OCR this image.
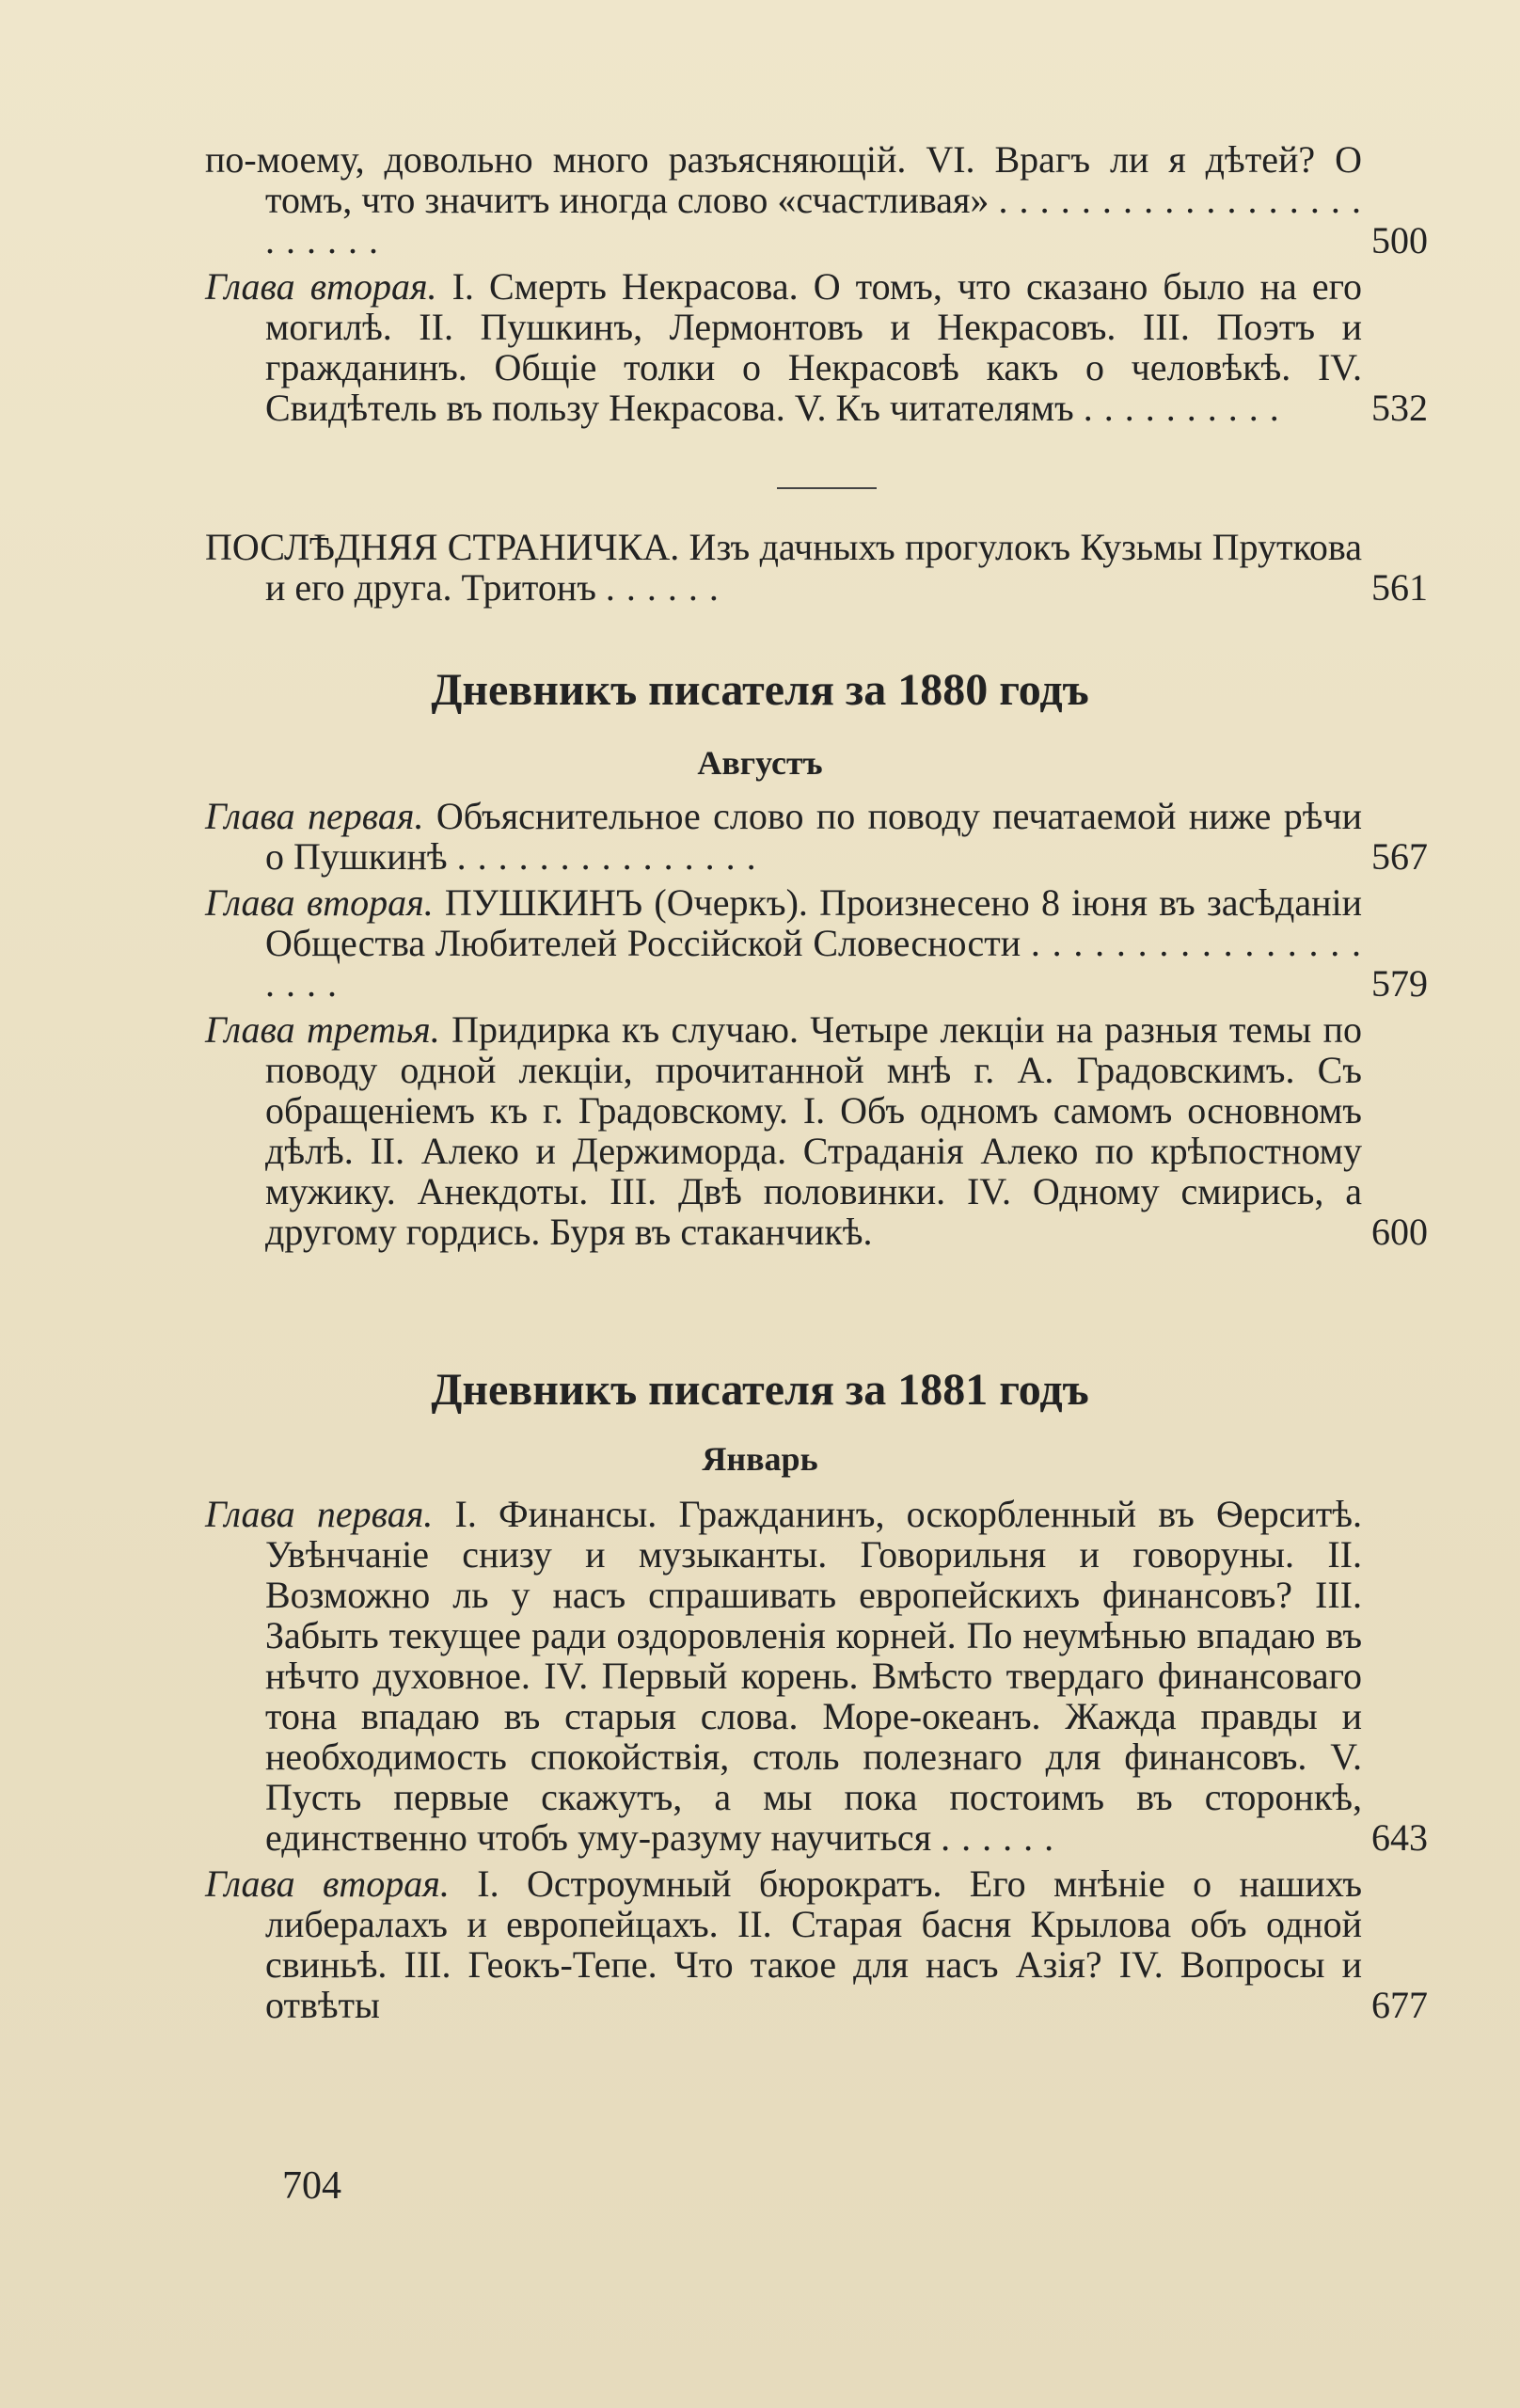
по-моему, довольно много разъясняющій. VI. Врагъ ли я дѣтей? О томъ, что значитъ иногда слово «счастливая» . . . . . . . . . . . . . . . . . . . . . . . .	500
Глава вторая. I. Смерть Некрасова. О томъ, что сказано было на его могилѣ. II. Пушкинъ, Лермонтовъ и Некрасовъ. III. Поэтъ и гражданинъ. Общіе толки о Некрасовѣ какъ о человѣкѣ. IV. Свидѣтель въ пользу Некрасова. V. Къ читателямъ . . . . . . . . . . 532
ПОСЛѢДНЯЯ СТРАНИЧКА. Изъ дачныхъ прогулокъ Кузьмы Пруткова и его друга. Тритонъ . . . . . .	561
Дневникъ писателя за 1880 годъ
Августъ
Глава первая. Объяснительное слово по поводу печатаемой ниже рѣчи о Пушкинѣ . . . . . . . . . . . . . . .	567
Глава вторая. ПУШКИНЪ (Очеркъ). Произнесено 8 іюня въ засѣданіи Общества Любителей Россійской Словесности . . . . . . . . . . . . . . . . . . . .	579
Глава третья. Придирка къ случаю. Четыре лекціи на разныя темы по поводу одной лекціи, прочитанной мнѣ г. А. Градовскимъ. Съ обращеніемъ къ г. Градовскому. I. Объ одномъ самомъ основномъ дѣлѣ. II. Алеко и Держиморда. Страданія Алеко по крѣпостному мужику. Анекдоты. III. Двѣ половинки. IV. Одному смирись, а другому гордись. Буря въ стаканчикѣ.	600
Дневникъ писателя за 1881 годъ
Январь
Глава первая. I. Финансы. Гражданинъ, оскорбленный въ Ѳерситѣ. Увѣнчаніе снизу и музыканты. Говорильня и говоруны. II. Возможно ль у насъ спрашивать европейскихъ финансовъ? III. Забыть текущее ради оздоровленія корней. По неумѣнью впадаю въ нѣчто духовное. IV. Первый корень. Вмѣсто твердаго финансоваго тона впадаю въ старыя слова. Море-океанъ. Жажда правды и необходимость спокойствія, столь полезнаго для финансовъ. V. Пусть первые скажутъ, а мы пока постоимъ въ сторонкѣ, единственно чтобъ уму-разуму научиться . . . . . .	643
Глава вторая. I. Остроумный бюрократъ. Его мнѣніе о нашихъ либералахъ и европейцахъ. II. Старая басня Крылова объ одной свиньѣ. III. Геокъ-Тепе. Что такое для насъ Азія? IV. Вопросы и отвѣты	677
704
